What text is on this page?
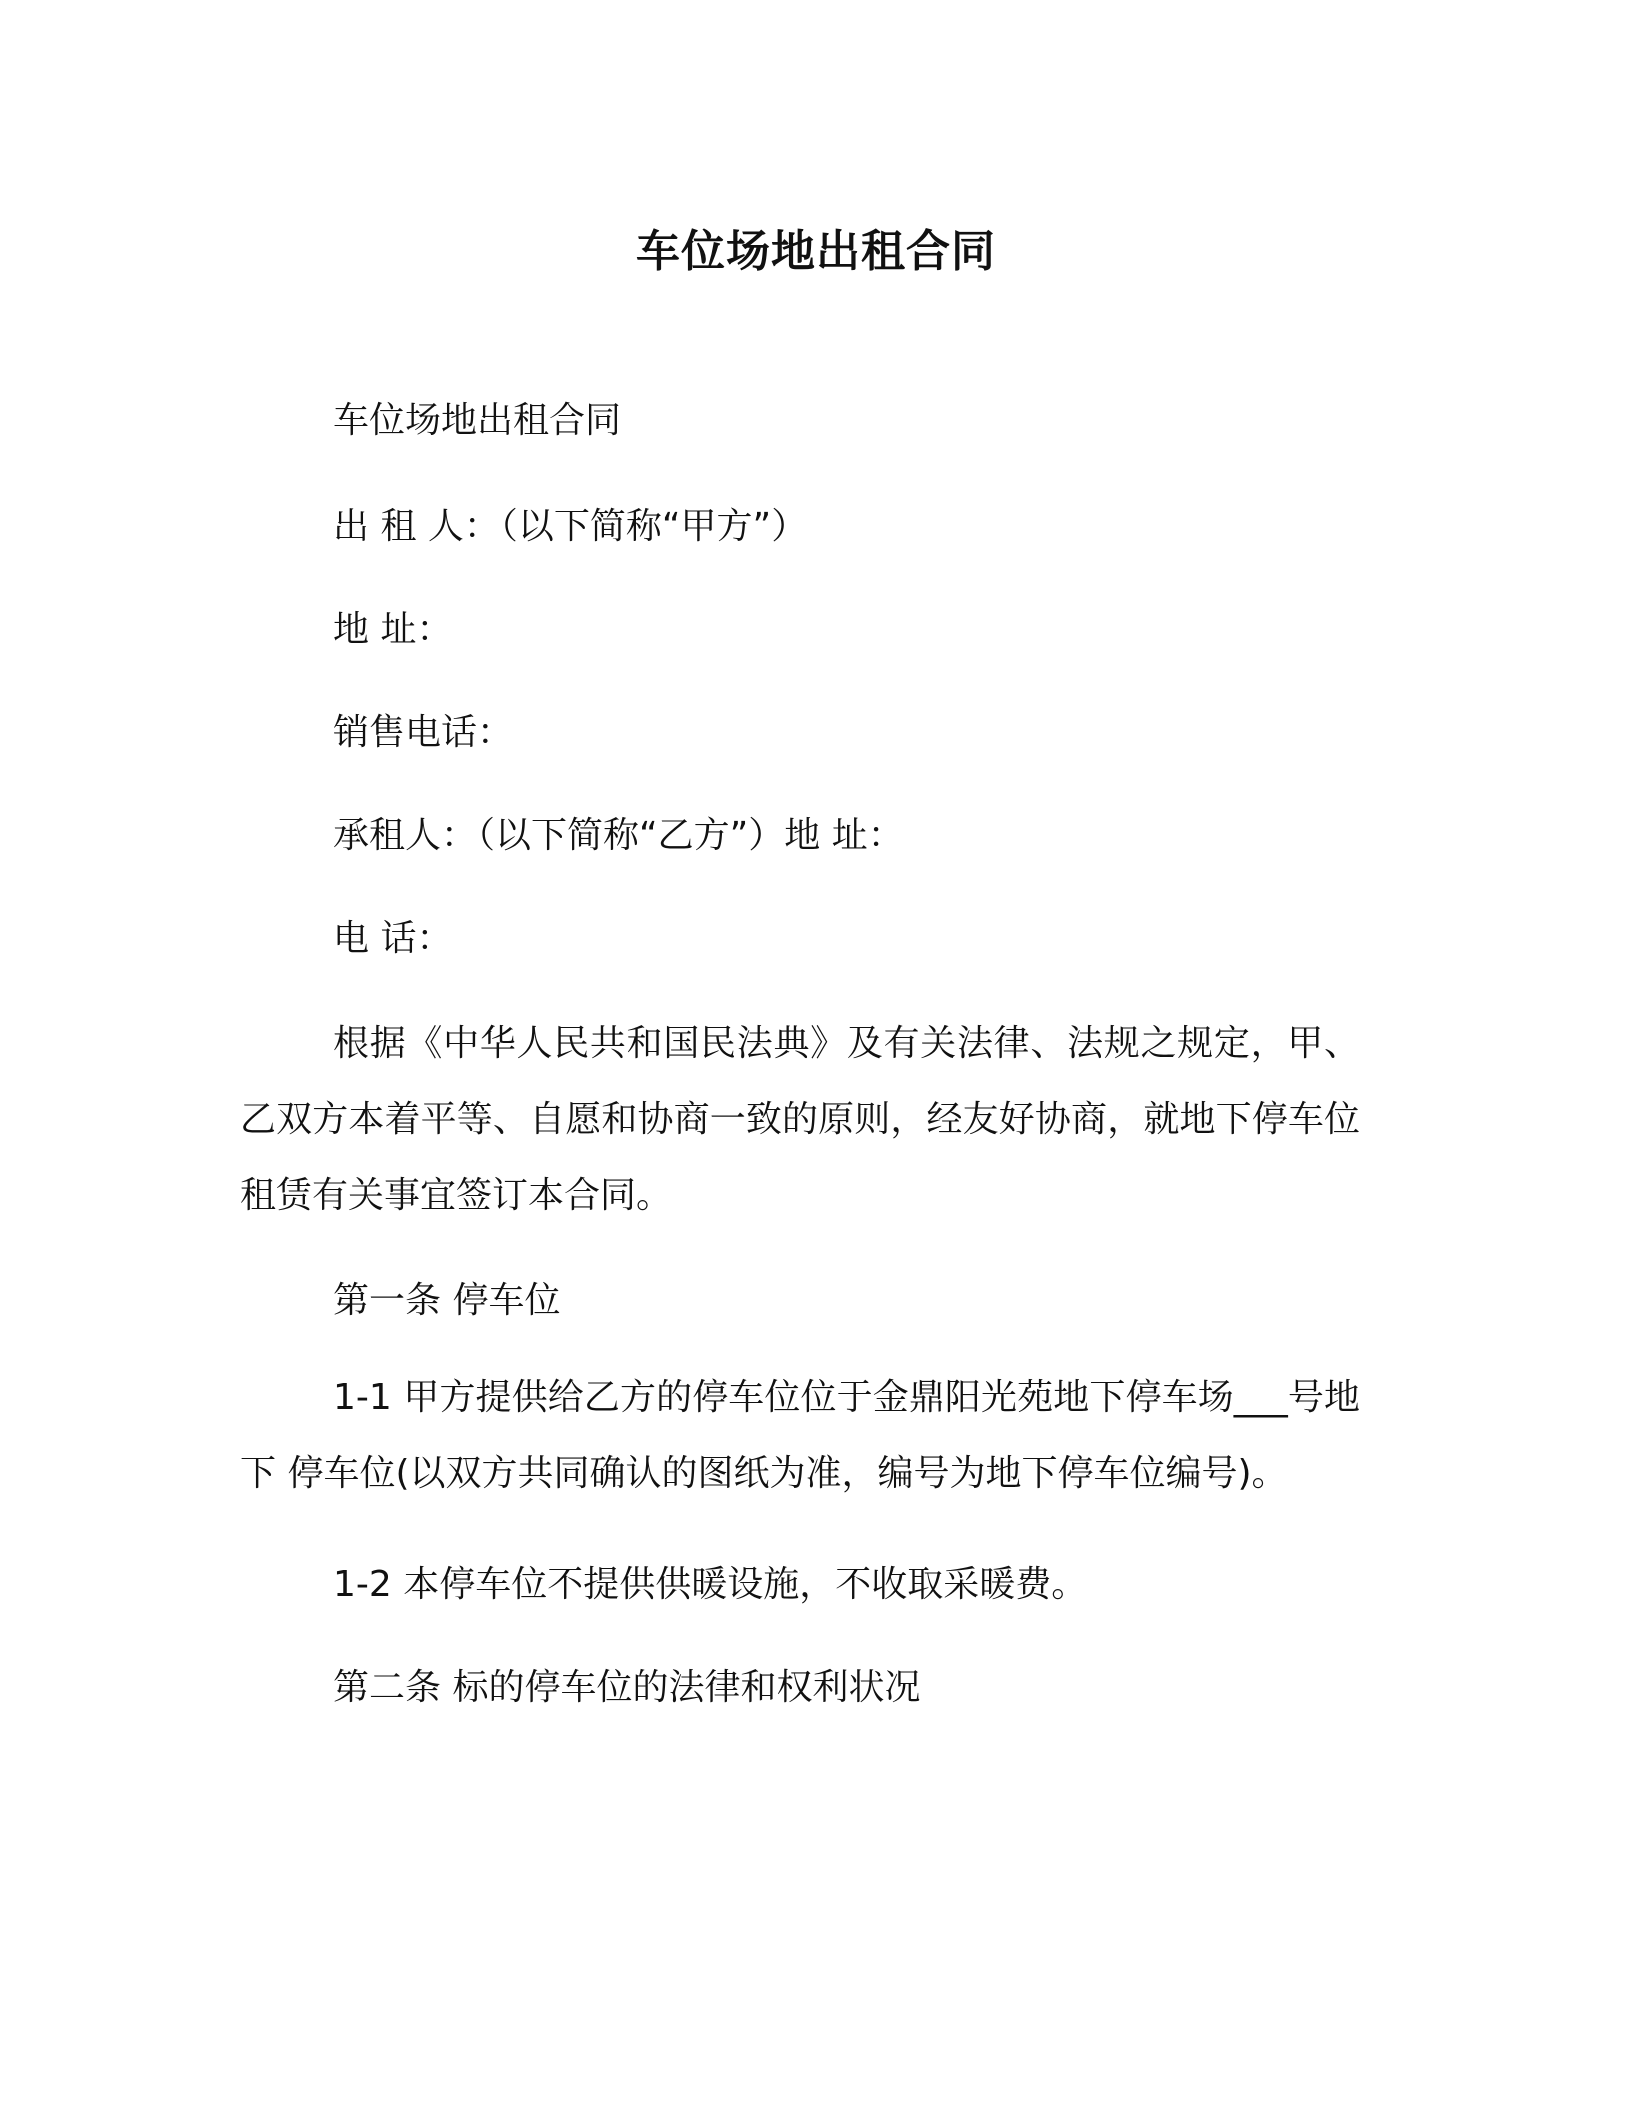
车位场地出租合同

车位场地出租合同

出 租 人：（以下简称“甲方”）

地 址：

销售电话：

承租人：（以下简称“乙方”）地 址：

电 话：

根据《中华人民共和国民法典》及有关法律、法规之规定，甲、乙双方本着平等、自愿和协商一致的原则，经友好协商，就地下停车位租赁有关事宜签订本合同。

第一条 停车位

1-1 甲方提供给乙方的停车位位于金鼎阳光苑地下停车场___号地下 停车位(以双方共同确认的图纸为准，编号为地下停车位编号)。

1-2 本停车位不提供供暖设施，不收取采暖费。

第二条 标的停车位的法律和权利状况
